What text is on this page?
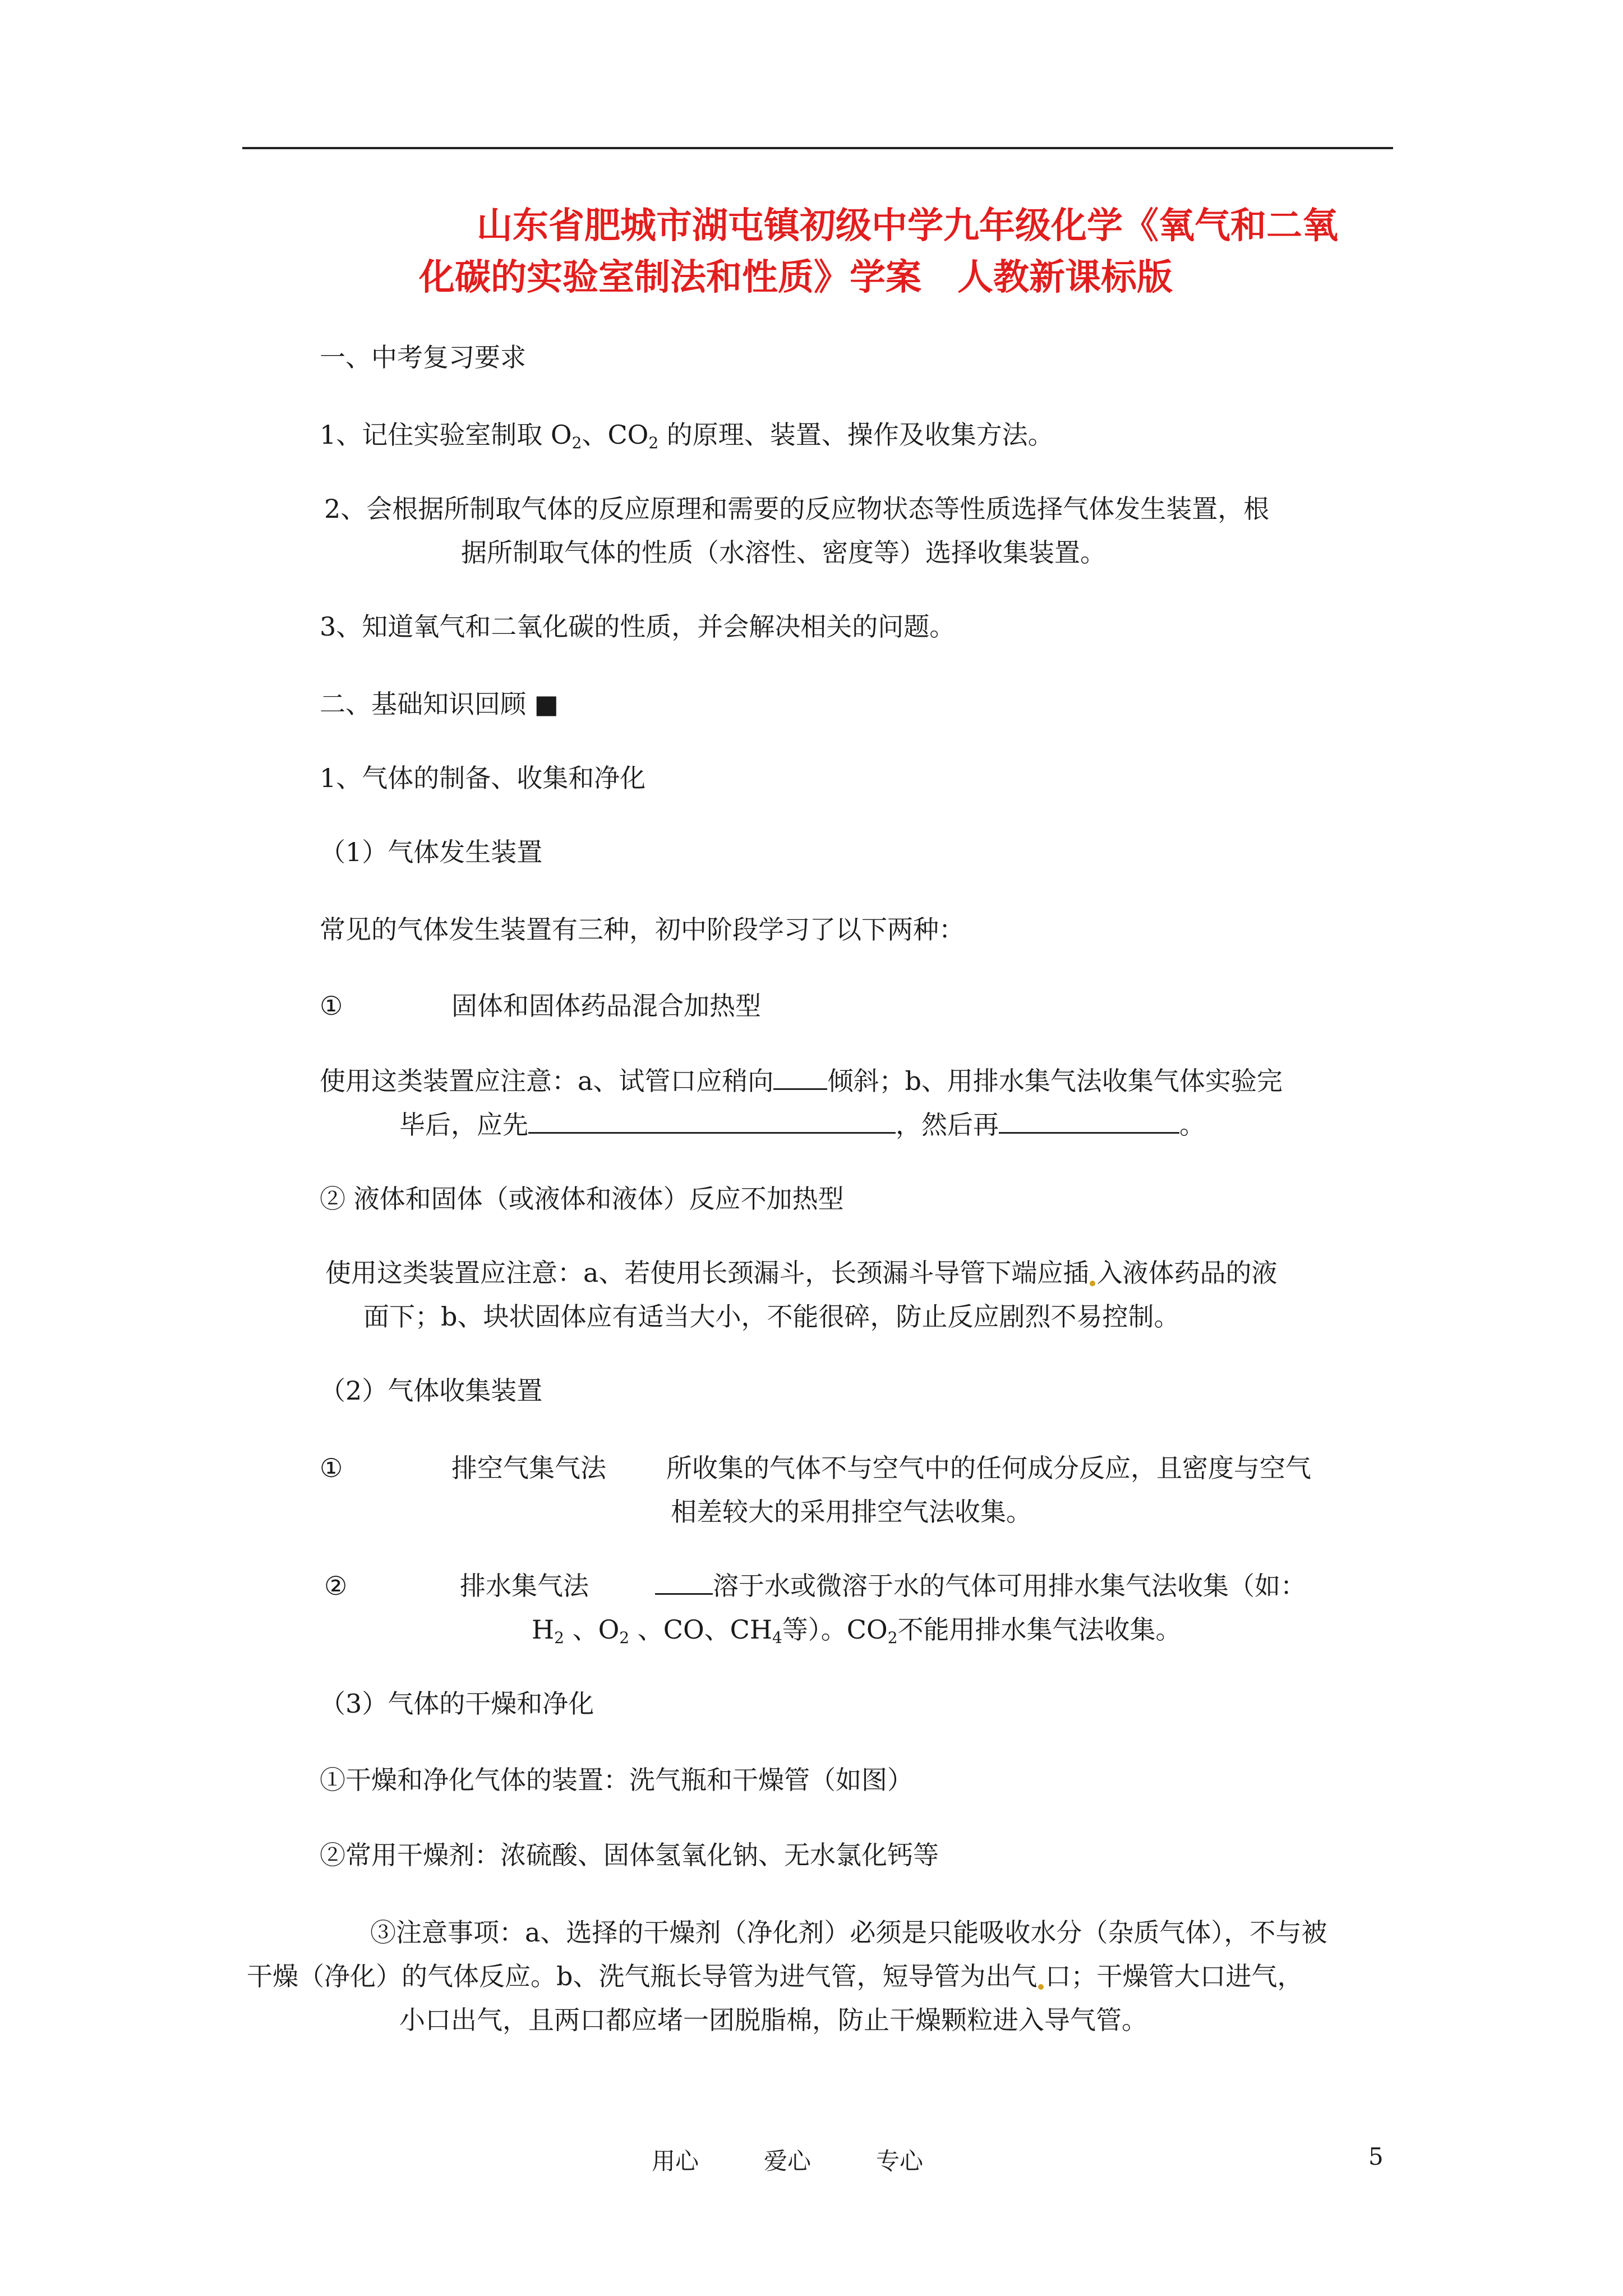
山东省肥城市湖屯镇初级中学九年级化学《氧气和二氧
化碳的实验室制法和性质》学案　人教新课标版
一、中考复习要求
1、记住实验室制取 $O_2$、$CO_2$ 的原理、装置、操作及收集方法。
2、会根据所制取气体的反应原理和需要的反应物状态等性质选择气体发生装置，根
据所制取气体的性质（水溶性、密度等）选择收集装置。
3、知道氧气和二氧化碳的性质，并会解决相关的问题。
二、基础知识回顾 ■
1、气体的制备、收集和净化
（1）气体发生装置
常见的气体发生装置有三种，初中阶段学习了以下两种：
①	固体和固体药品混合加热型
使用这类装置应注意：a、试管口应稍向 倾斜；b、用排水集气法收集气体实验完
毕后，应先	，然后再	。
② 液体和固体（或液体和液体）反应不加热型
使用这类装置应注意：a、若使用长颈漏斗，长颈漏斗导管下端应插 入液体药品的液
面下；b、块状固体应有适当大小，不能很碎，防止反应剧烈不易控制。
（2）气体收集装置
①	排空气集气法 所收集的气体不与空气中的任何成分反应，且密度与空气
相差较大的采用排空气法收集。
②	排水集气法	溶于水或微溶于水的气体可用排水集气法收集（如：
$H_2$ 、$O_2$ 、CO、$CH_4$等）。$CO_2$不能用排水集气法收集。
（3）气体的干燥和净化
①干燥和净化气体的装置：洗气瓶和干燥管（如图）
②常用干燥剂：浓硫酸、固体氢氧化钠、无水氯化钙等
③注意事项：a、选择的干燥剂（净化剂）必须是只能吸收水分（杂质气体），不与被
干燥（净化）的气体反应。b、洗气瓶长导管为进气管，短导管为出气 口；干燥管大口进气，
小口出气，且两口都应堵一团脱脂棉，防止干燥颗粒进入导气管。
用心	爱心	专心	5
